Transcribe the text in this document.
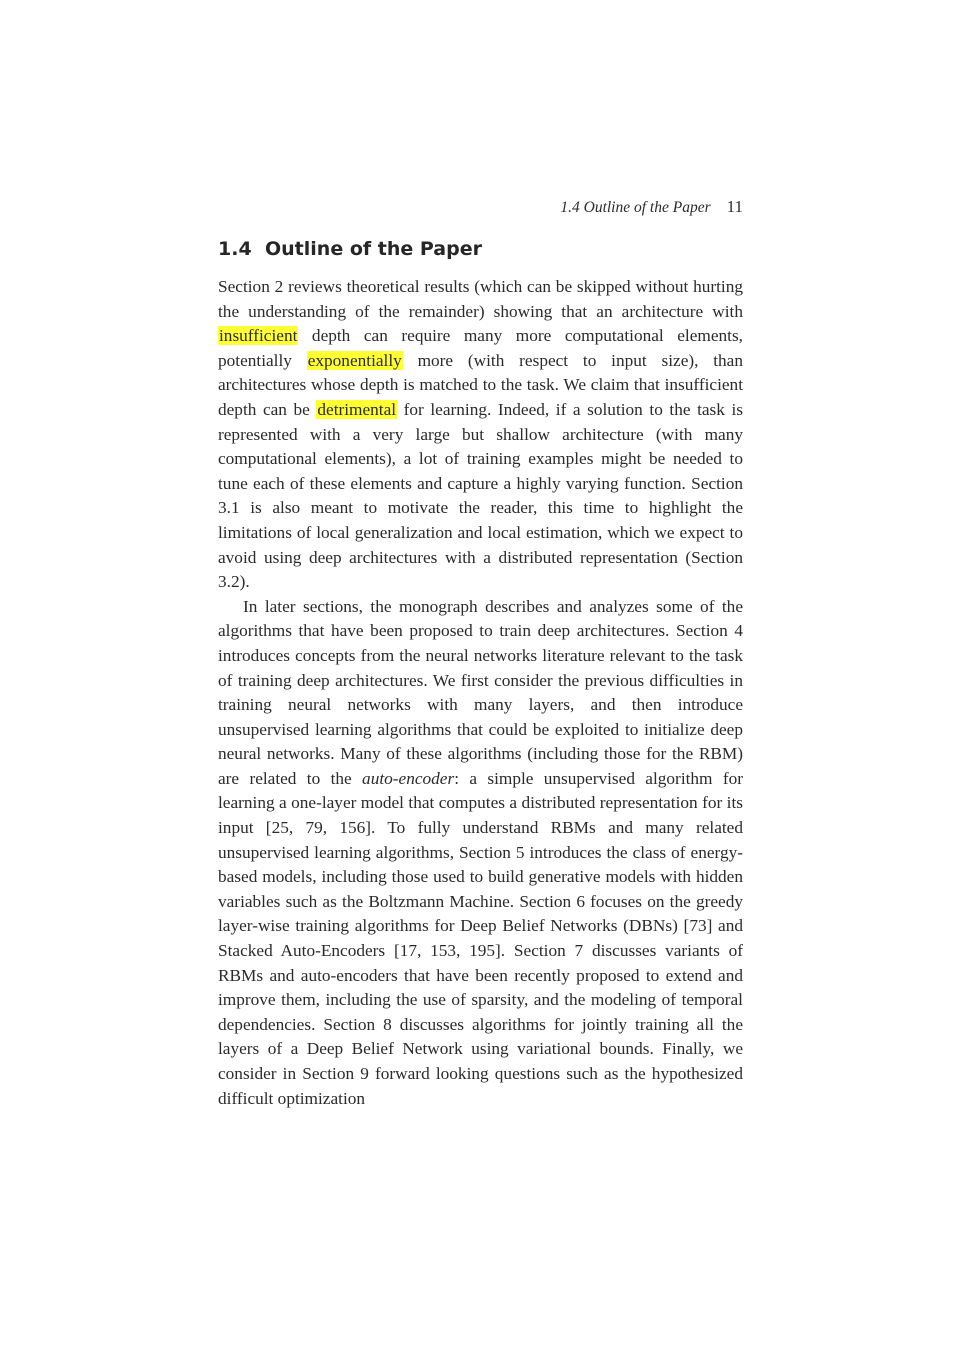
1.4 Outline of the Paper 11
1.4 Outline of the Paper

Section 2 reviews theoretical results (which can be skipped without hurting the understanding of the remainder) showing that an architecture with insufficient depth can require many more computational elements, potentially exponentially more (with respect to input size), than architectures whose depth is matched to the task. We claim that insufficient depth can be detrimental for learning. Indeed, if a solution to the task is represented with a very large but shallow architecture (with many computational elements), a lot of training examples might be needed to tune each of these elements and capture a highly varying function. Section 3.1 is also meant to motivate the reader, this time to highlight the limitations of local generalization and local estimation, which we expect to avoid using deep architectures with a distributed representation (Section 3.2).

In later sections, the monograph describes and analyzes some of the algorithms that have been proposed to train deep architectures. Section 4 introduces concepts from the neural networks literature relevant to the task of training deep architectures. We first consider the previous difficulties in training neural networks with many layers, and then introduce unsupervised learning algorithms that could be exploited to initialize deep neural networks. Many of these algorithms (including those for the RBM) are related to the auto-encoder: a simple unsupervised algorithm for learning a one-layer model that computes a distributed representation for its input [25, 79, 156]. To fully understand RBMs and many related unsupervised learning algorithms, Section 5 introduces the class of energy-based models, including those used to build generative models with hidden variables such as the Boltzmann Machine. Section 6 focuses on the greedy layer-wise training algorithms for Deep Belief Networks (DBNs) [73] and Stacked Auto-Encoders [17, 153, 195]. Section 7 discusses variants of RBMs and auto-encoders that have been recently proposed to extend and improve them, including the use of sparsity, and the modeling of temporal dependencies. Section 8 discusses algorithms for jointly training all the layers of a Deep Belief Network using variational bounds. Finally, we consider in Section 9 forward looking questions such as the hypothesized difficult optimization
